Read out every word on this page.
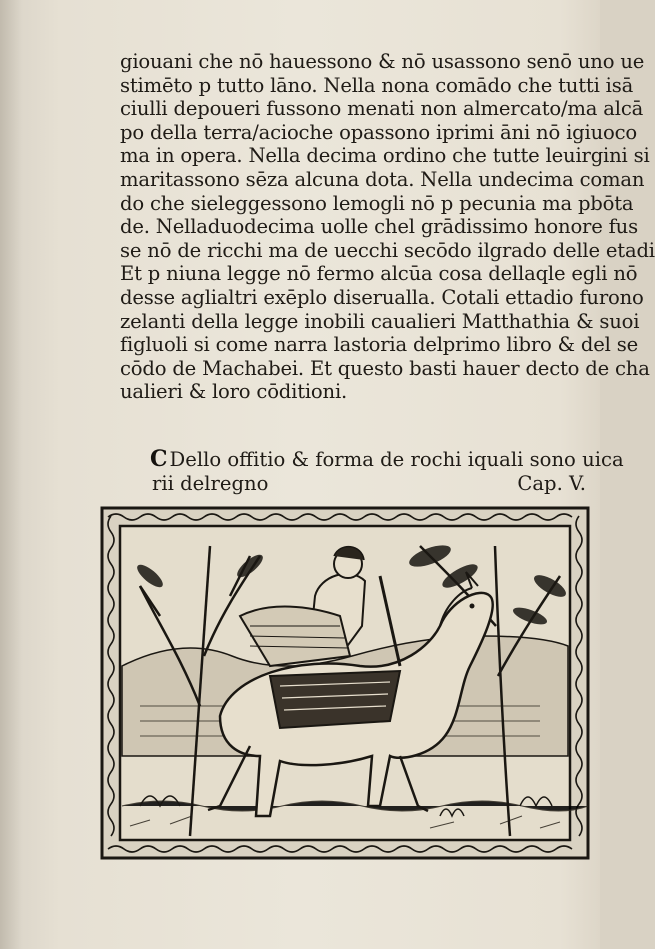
giouani che nō hauessono & nō usassono senō uno ue
stimēto p tutto lāno. Nella nona comādo che tutti isā
ciulli depoueri fussono menati non almercato/ma alcā
po della terra/acioche opassono iprimi āni nō igiuoco
ma in opera. Nella decima ordino che tutte leuirgini si
maritassono sēza alcuna dota. Nella undecima coman
do che sieleggessono lemogli nō p pecunia ma pbōta
de. Nelladuodecima uolle chel grādissimo honore fus
se nō de ricchi ma de uecchi secōdo ilgrado delle etadi
Et p niuna legge nō fermo alcūa cosa dellaqle egli nō
desse aglialtri exēplo diserualla. Cotali ettadio furono
zelanti della legge inobili caualieri Matthathia & suoi
figluoli si come narra lastoria delprimo libro & del se
cōdo de Machabei. Et questo basti hauer decto de cha
ualieri & loro cōditioni.
C Dello offitio & forma de rochi iquali sono uica
rii delregno	Cap. V.
